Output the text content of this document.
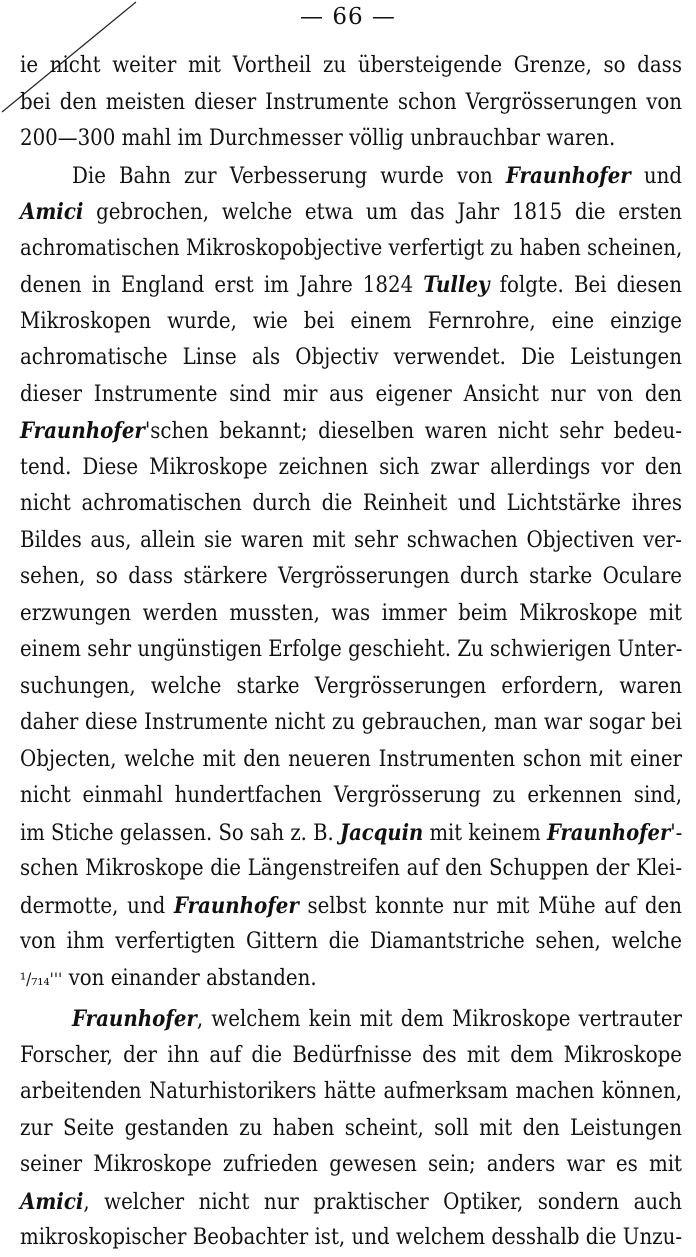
— 66 —
ie nicht weiter mit Vortheil zu übersteigende Grenze, so dass
bei den meisten dieser Instrumente schon Vergrösserungen von
200—300 mahl im Durchmesser völlig unbrauchbar waren.
Die Bahn zur Verbesserung wurde von Fraunhofer und
Amici gebrochen, welche etwa um das Jahr 1815 die ersten
achromatischen Mikroskopobjective verfertigt zu haben scheinen,
denen in England erst im Jahre 1824 Tulley folgte. Bei diesen
Mikroskopen wurde, wie bei einem Fernrohre, eine einzige
achromatische Linse als Objectiv verwendet. Die Leistungen
dieser Instrumente sind mir aus eigener Ansicht nur von den
Fraunhofer'schen bekannt; dieselben waren nicht sehr bedeu-
tend. Diese Mikroskope zeichnen sich zwar allerdings vor den
nicht achromatischen durch die Reinheit und Lichtstärke ihres
Bildes aus, allein sie waren mit sehr schwachen Objectiven ver-
sehen, so dass stärkere Vergrösserungen durch starke Oculare
erzwungen werden mussten, was immer beim Mikroskope mit
einem sehr ungünstigen Erfolge geschieht. Zu schwierigen Unter-
suchungen, welche starke Vergrösserungen erfordern, waren
daher diese Instrumente nicht zu gebrauchen, man war sogar bei
Objecten, welche mit den neueren Instrumenten schon mit einer
nicht einmahl hundertfachen Vergrösserung zu erkennen sind,
im Stiche gelassen. So sah z. B. Jacquin mit keinem Fraunhofer'-
schen Mikroskope die Längenstreifen auf den Schuppen der Klei-
dermotte, und Fraunhofer selbst konnte nur mit Mühe auf den
von ihm verfertigten Gittern die Diamantstriche sehen, welche
¹/₇₁₄''' von einander abstanden.
Fraunhofer, welchem kein mit dem Mikroskope vertrauter
Forscher, der ihn auf die Bedürfnisse des mit dem Mikroskope
arbeitenden Naturhistorikers hätte aufmerksam machen können,
zur Seite gestanden zu haben scheint, soll mit den Leistungen
seiner Mikroskope zufrieden gewesen sein; anders war es mit
Amici, welcher nicht nur praktischer Optiker, sondern auch
mikroskopischer Beobachter ist, und welchem desshalb die Unzu-
